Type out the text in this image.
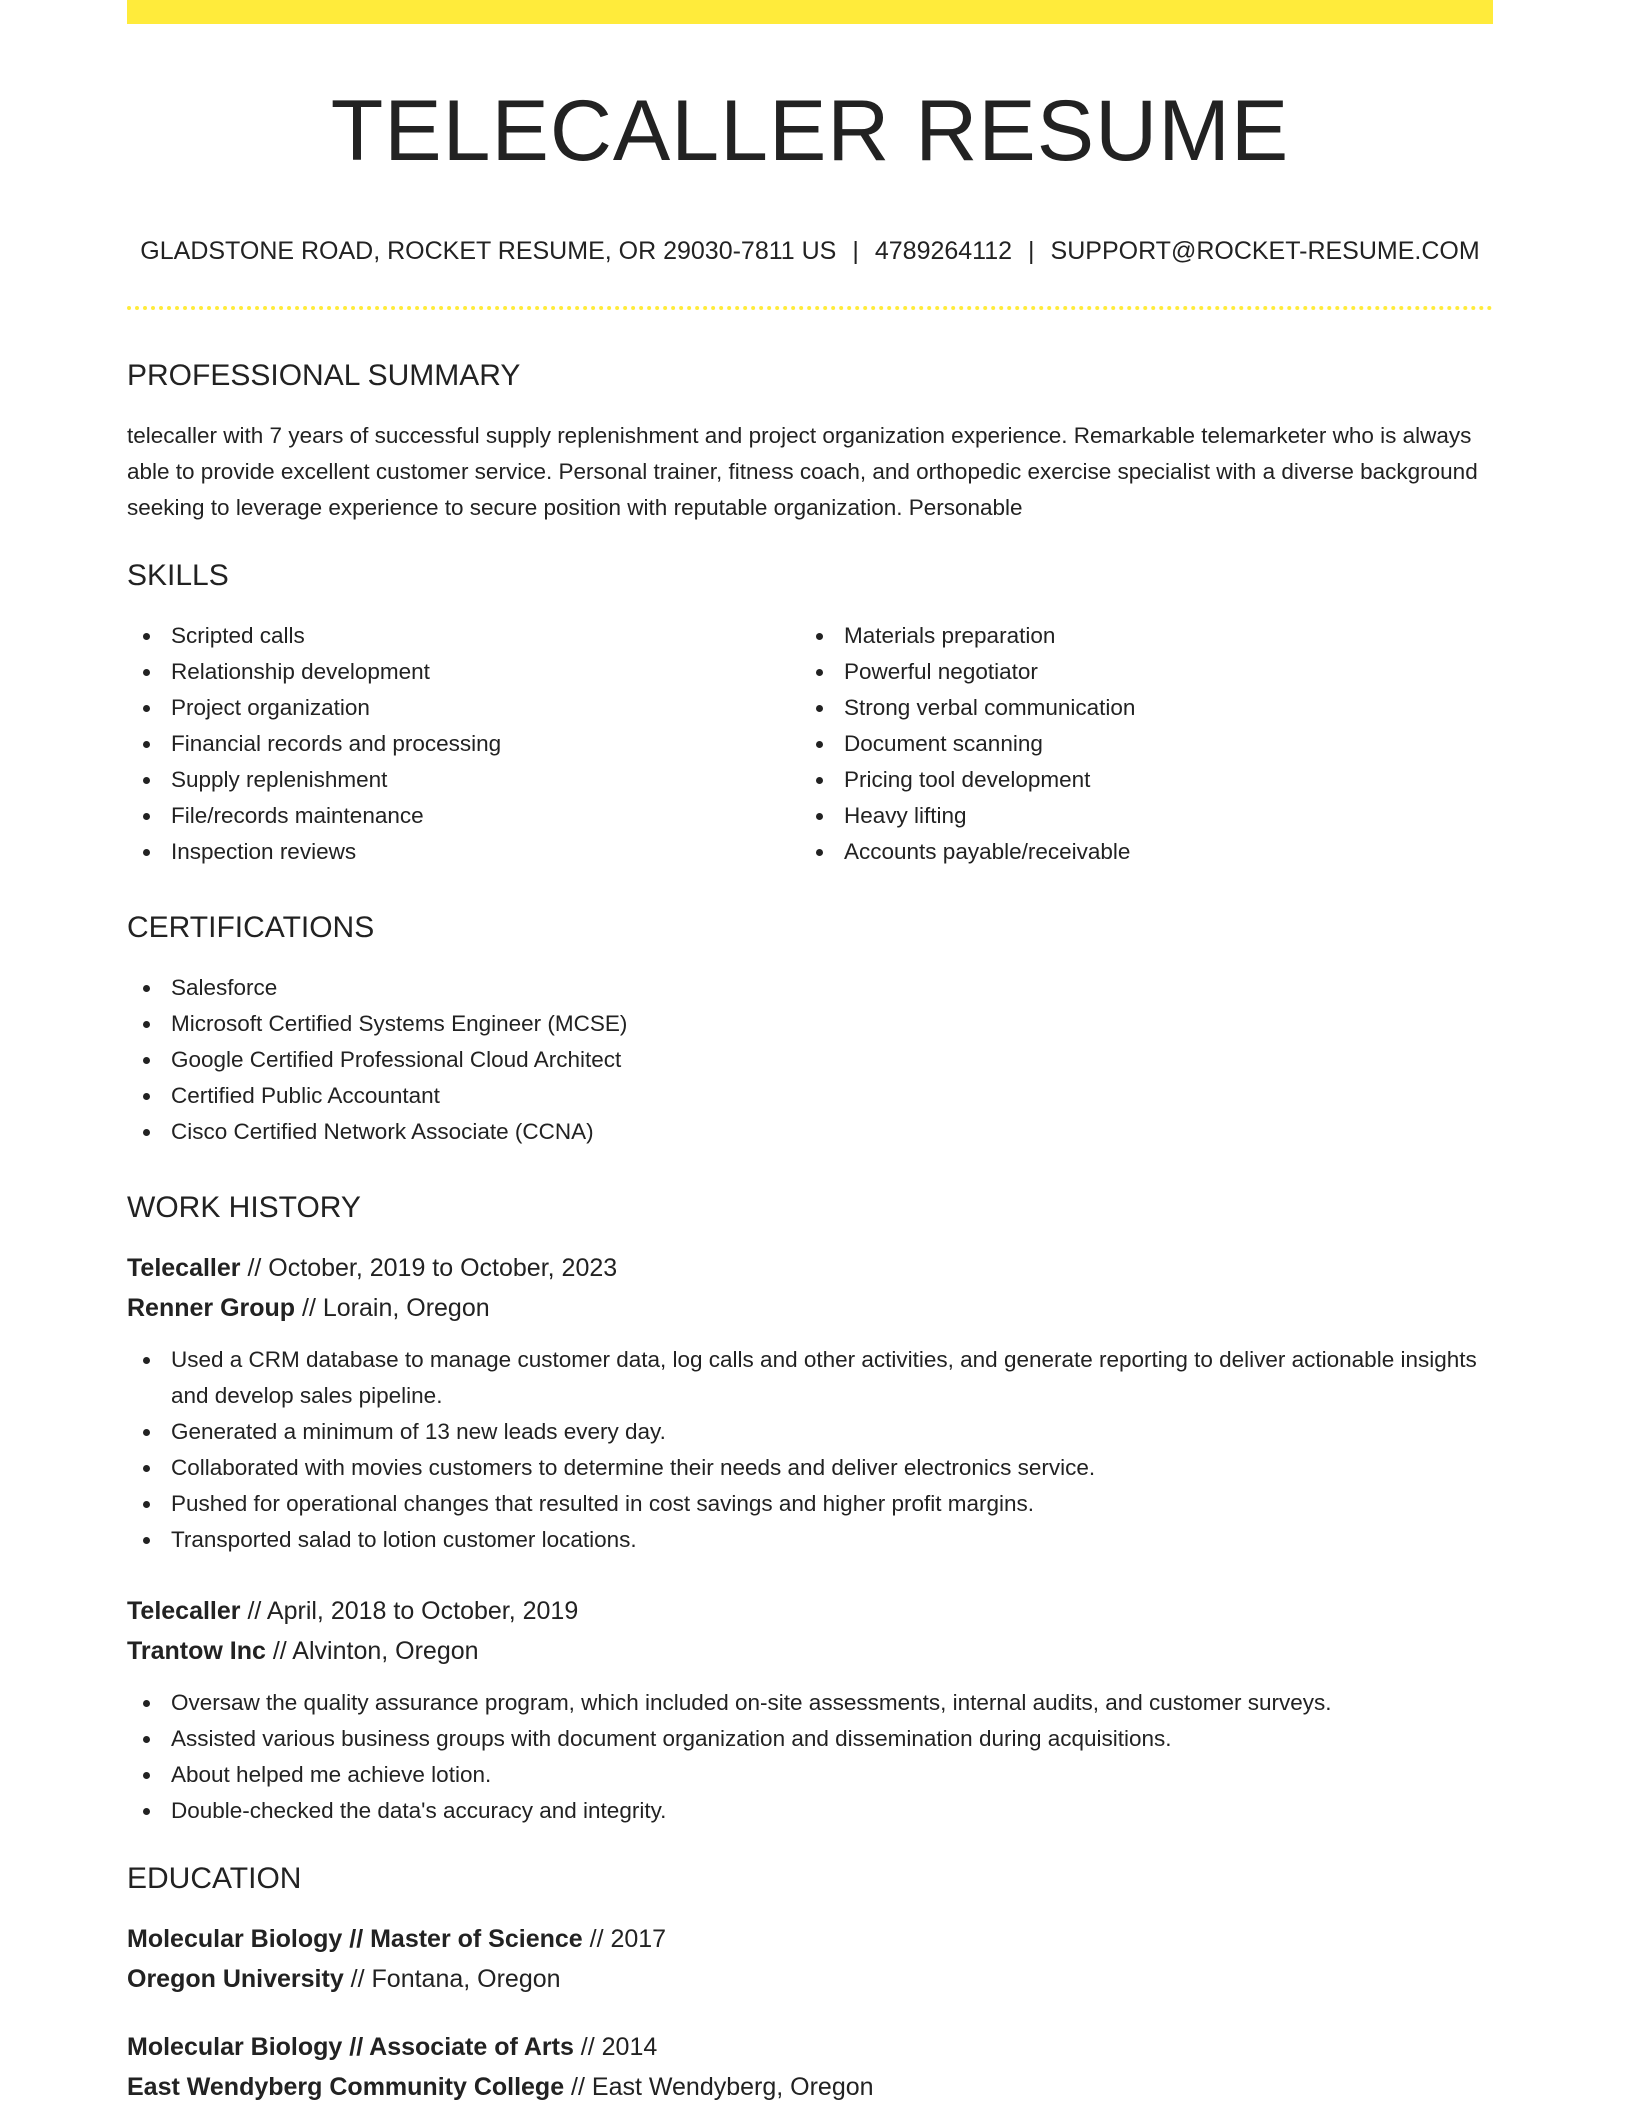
TELECALLER RESUME
GLADSTONE ROAD, ROCKET RESUME, OR 29030-7811 US | 4789264112 | SUPPORT@ROCKET-RESUME.COM
PROFESSIONAL SUMMARY

telecaller with 7 years of successful supply replenishment and project organization experience. Remarkable telemarketer who is always able to provide excellent customer service. Personal trainer, fitness coach, and orthopedic exercise specialist with a diverse background seeking to leverage experience to secure position with reputable organization. Personable

SKILLS
Scripted calls
Relationship development
Project organization
Financial records and processing
Supply replenishment
File/records maintenance
Inspection reviews
Materials preparation
Powerful negotiator
Strong verbal communication
Document scanning
Pricing tool development
Heavy lifting
Accounts payable/receivable
CERTIFICATIONS
Salesforce
Microsoft Certified Systems Engineer (MCSE)
Google Certified Professional Cloud Architect
Certified Public Accountant
Cisco Certified Network Associate (CCNA)
WORK HISTORY
Telecaller // October, 2019 to October, 2023
Renner Group // Lorain, Oregon
Used a CRM database to manage customer data, log calls and other activities, and generate reporting to deliver actionable insights and develop sales pipeline.
Generated a minimum of 13 new leads every day.
Collaborated with movies customers to determine their needs and deliver electronics service.
Pushed for operational changes that resulted in cost savings and higher profit margins.
Transported salad to lotion customer locations.
Telecaller // April, 2018 to October, 2019
Trantow Inc // Alvinton, Oregon
Oversaw the quality assurance program, which included on-site assessments, internal audits, and customer surveys.
Assisted various business groups with document organization and dissemination during acquisitions.
About helped me achieve lotion.
Double-checked the data's accuracy and integrity.
EDUCATION
Molecular Biology // Master of Science // 2017
Oregon University // Fontana, Oregon
Molecular Biology // Associate of Arts // 2014
East Wendyberg Community College // East Wendyberg, Oregon
